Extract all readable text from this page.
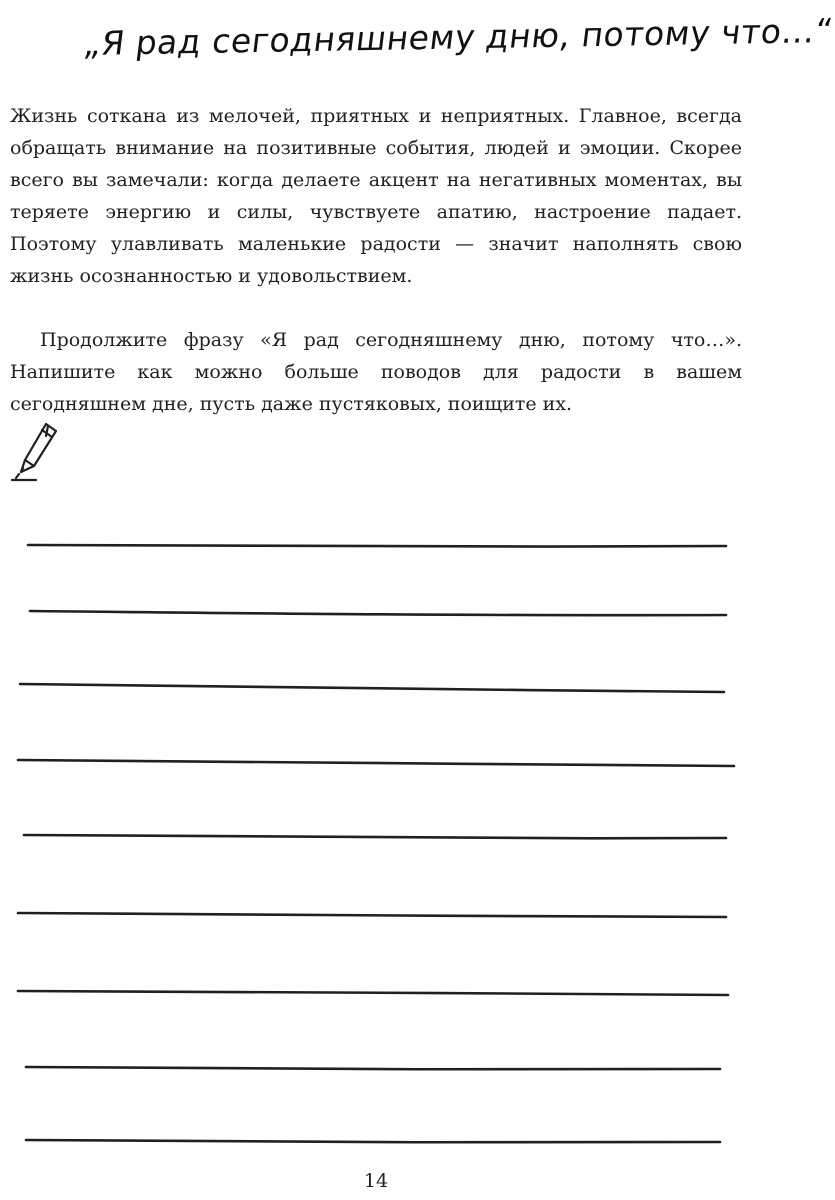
„Я рад сегодняшнему дню, потому что…“

Жизнь соткана из мелочей, приятных и неприятных. Главное, всегда обращать внимание на позитивные события, людей и эмоции. Скорее всего вы замечали: когда делаете акцент на негативных моментах, вы теряете энергию и силы, чувствуете апатию, настроение падает. Поэтому улавливать маленькие радости — значит наполнять свою жизнь осознанностью и удовольствием.

Продолжите фразу «Я рад сегодняшнему дню, потому что…». Напишите как можно больше поводов для радости в вашем сегодняшнем дне, пусть даже пустяковых, поищите их.

14
